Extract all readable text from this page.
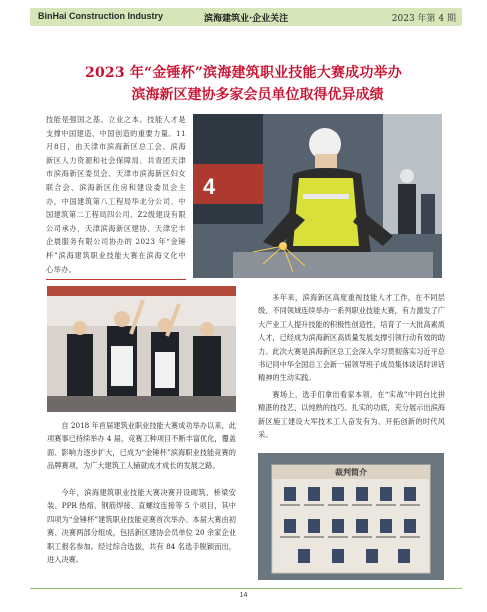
BinHai Construction Industry	滨海建筑业·企业关注	2023 年第 4 期
2023 年“金锤杯”滨海建筑职业技能大赛成功举办
滨海新区建协多家会员单位取得优异成绩
技能是强国之基、立业之本。技能人才是支撑中国建造、中国创造的重要力量。11月8日，由天津市滨海新区总工会、滨海新区人力资源和社会保障局、共青团天津市滨海新区委员会、天津市滨海新区妇女联合会、滨海新区住房和建设委员会主办，中国建筑第八工程局华北分公司、中国建筑第二工程局四公司、Z2级建设有限公司承办，天津滨海新区建协、天津宏丰企晨服务有限公司协办的 2023 年“金锤杯”滨海建筑职业技能大赛在滨海文化中心举办。
4
裁判简介
多年来，滨海新区高度重视技能人才工作，在不同层级、不同领域连续举办一系列职业技能大赛，有力激发了广大产业工人提升技能的积极性创造性，培育了一大批高素质人才，已经成为滨海新区高质量发展支撑引领行动有效的助力。此次大赛是滨海新区总工会深入学习贯彻落实习近平总书记同中华全国总工会新一届领导班子成员集体谈话时讲话精神的生动实践。
赛场上，选手们拿出看家本领，在“实战”中同台比拼精湛的技艺，以纯熟的技巧、扎实的功底，充分展示出滨海新区施工建设大军技术工人奋发有为、开拓创新的时代风采。
自 2018 年首届建筑业职业技能大赛成功举办以来，此项赛事已持续举办 4 届，竞赛工种项目不断丰富优化，覆盖面、影响力逐步扩大，已成为“金锤杯”滨海职业技能竞赛的品牌赛项，为广大建筑工人铺就成才成长的发展之路。
今年，滨海建筑职业技能大赛决赛开设砌筑、桥梁安装、PPR 热熔、钢筋焊接、直螺纹连接等 5 个项目，其中四项为“金锤杯”建筑职业技能竞赛首次举办。本届大赛由初赛、决赛两部分组成，包括新区建协会员单位 20 余家企业职工报名参加。经过综合选拔，共有 84 名选手脱颖而出，进入决赛。
14
